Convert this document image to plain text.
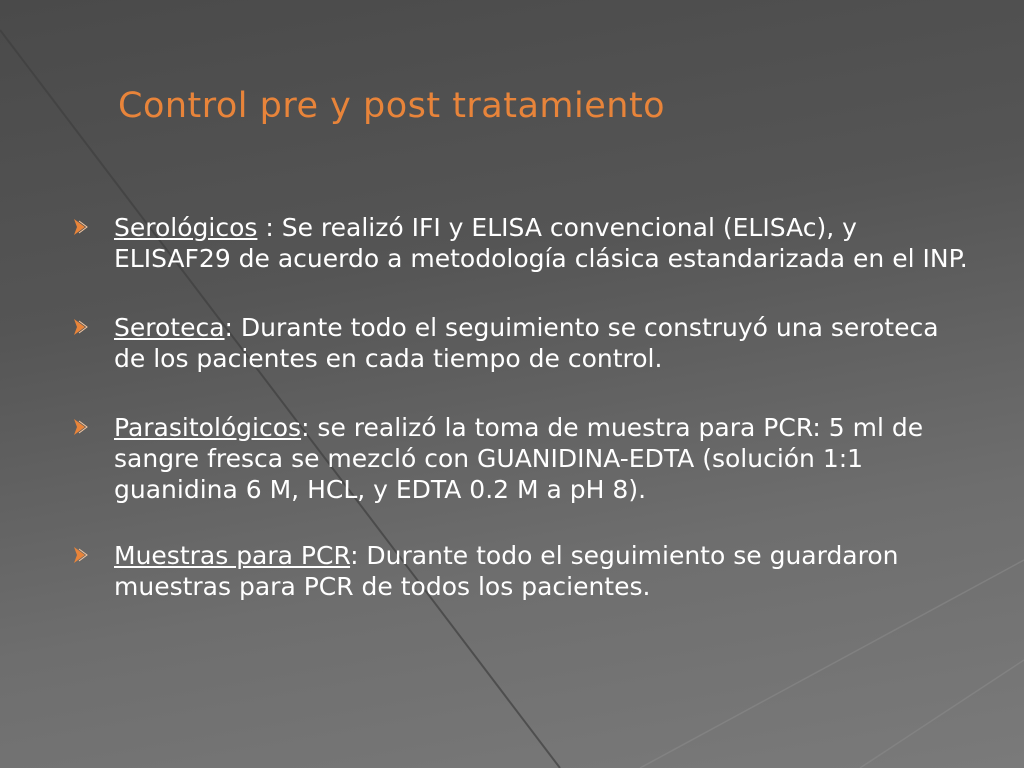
Control pre y post tratamiento
Serológicos : Se realizó IFI y ELISA convencional (ELISAc), y ELISAF29 de acuerdo a metodología clásica estandarizada en el INP.
Seroteca: Durante todo el seguimiento se construyó una seroteca de los pacientes en cada tiempo de control.
Parasitológicos: se realizó la toma de muestra para PCR: 5 ml de sangre fresca se mezcló con GUANIDINA-EDTA (solución 1:1 guanidina 6 M, HCL, y EDTA 0.2 M a pH 8).
Muestras para PCR: Durante todo el seguimiento se guardaron muestras para PCR de todos los pacientes.
